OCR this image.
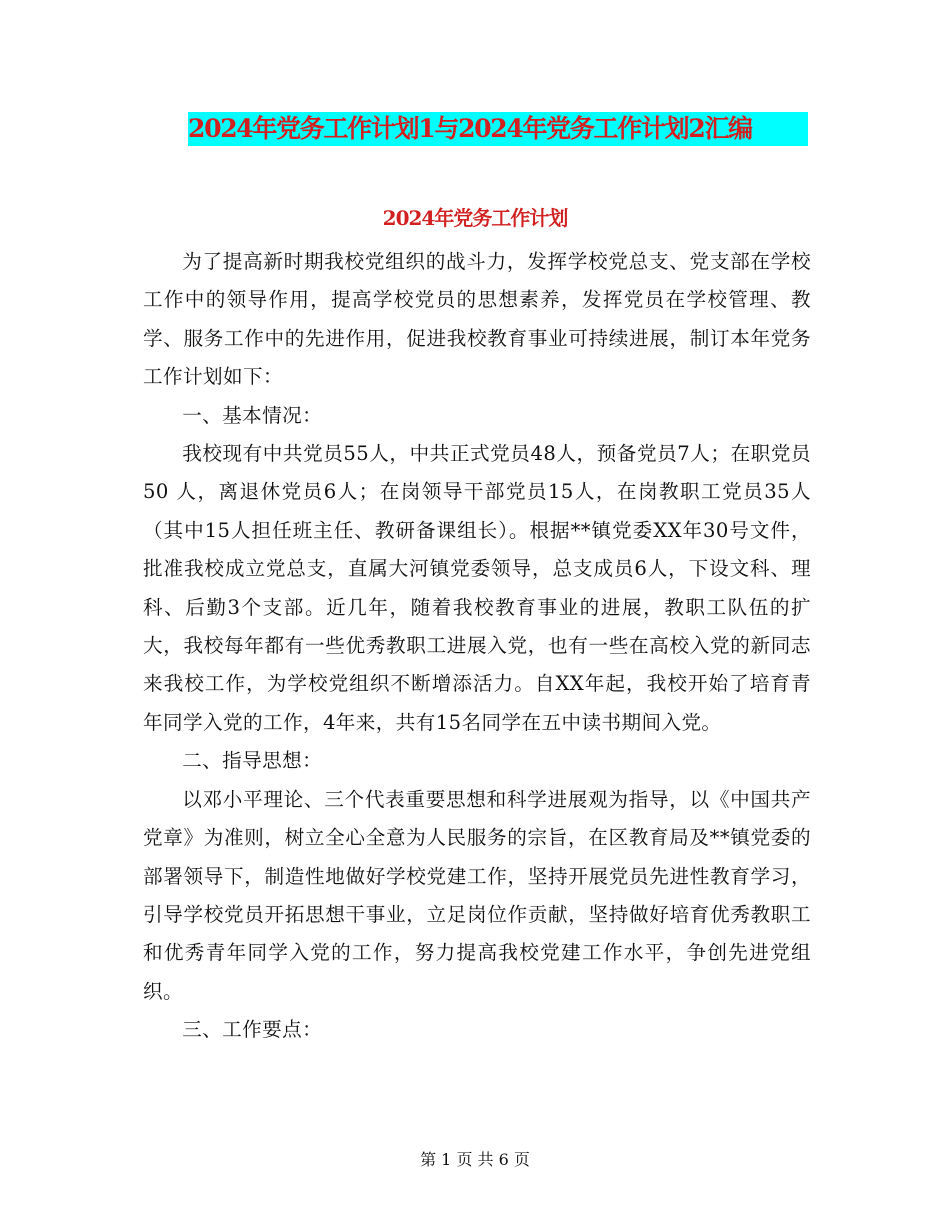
2024年党务工作计划1与2024年党务工作计划2汇编
2024年党务工作计划

为了提高新时期我校党组织的战斗力，发挥学校党总支、党支部在学校工作中的领导作用，提高学校党员的思想素养，发挥党员在学校管理、教学、服务工作中的先进作用，促进我校教育事业可持续进展，制订本年党务工作计划如下：

一、基本情况：

我校现有中共党员55人，中共正式党员48人，预备党员7人；在职党员50 人，离退休党员6人；在岗领导干部党员15人，在岗教职工党员35人（其中15人担任班主任、教研备课组长）。根据**镇党委XX年30号文件，批准我校成立党总支，直属大河镇党委领导，总支成员6人，下设文科、理科、后勤3个支部。近几年，随着我校教育事业的进展，教职工队伍的扩大，我校每年都有一些优秀教职工进展入党，也有一些在高校入党的新同志来我校工作，为学校党组织不断增添活力。自XX年起，我校开始了培育青年同学入党的工作，4年来，共有15名同学在五中读书期间入党。

二、指导思想：

以邓小平理论、三个代表重要思想和科学进展观为指导，以《中国共产党章》为准则，树立全心全意为人民服务的宗旨，在区教育局及**镇党委的部署领导下，制造性地做好学校党建工作，坚持开展党员先进性教育学习，引导学校党员开拓思想干事业，立足岗位作贡献，坚持做好培育优秀教职工和优秀青年同学入党的工作，努力提高我校党建工作水平，争创先进党组织。

三、工作要点：

第 1 页 共 6 页
